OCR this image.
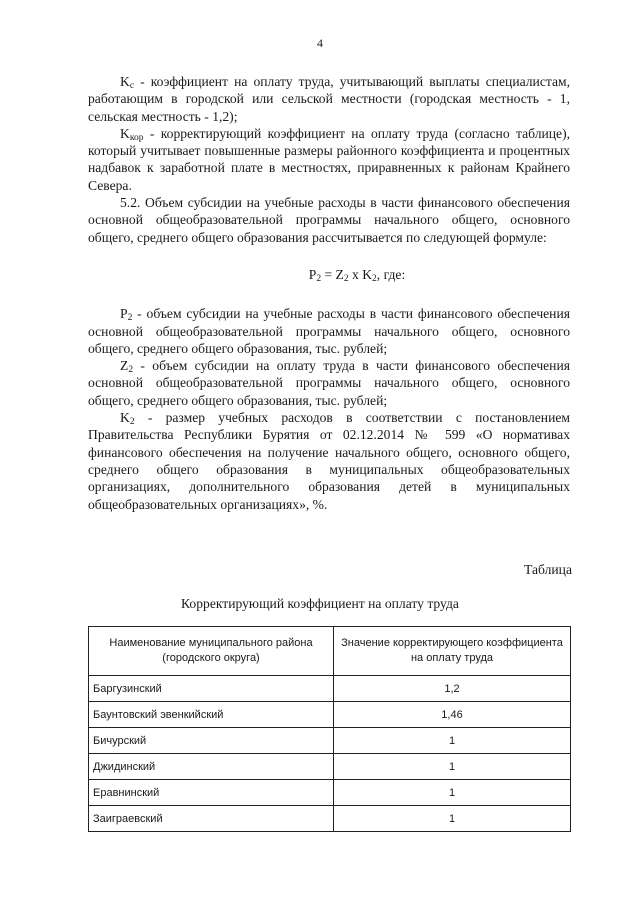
4

$K_c$ - коэффициент на оплату труда, учитывающий выплаты специалистам, работающим в городской или сельской местности (городская местность - 1, сельская местность - 1,2);

$K_{кор}$ - корректирующий коэффициент на оплату труда (согласно таблице), который учитывает повышенные размеры районного коэффициента и процентных надбавок к заработной плате в местностях, приравненных к районам Крайнего Севера.

5.2. Объем субсидии на учебные расходы в части финансового обеспечения основной общеобразовательной программы начального общего, основного общего, среднего общего образования рассчитывается по следующей формуле:

$P_2 = Z_2$ x $K_2$, где:

$P_2$ - объем субсидии на учебные расходы в части финансового обеспечения основной общеобразовательной программы начального общего, основного общего, среднего общего образования, тыс. рублей;

$Z_2$ - объем субсидии на оплату труда в части финансового обеспечения основной общеобразовательной программы начального общего, основного общего, среднего общего образования, тыс. рублей;

$K_2$ - размер учебных расходов в соответствии с постановлением Правительства Республики Бурятия от 02.12.2014 № 599 «О нормативах финансового обеспечения на получение начального общего, основного общего, среднего общего образования в муниципальных общеобразовательных организациях, дополнительного образования детей в муниципальных общеобразовательных организациях», %.

Таблица
Корректирующий коэффициент на оплату труда
Наименование муниципального района (городского округа)	Значение корректирующего коэффициента на оплату труда
Баргузинский	1,2
Баунтовский эвенкийский	1,46
Бичурский	1
Джидинский	1
Еравнинский	1
Заиграевский	1
